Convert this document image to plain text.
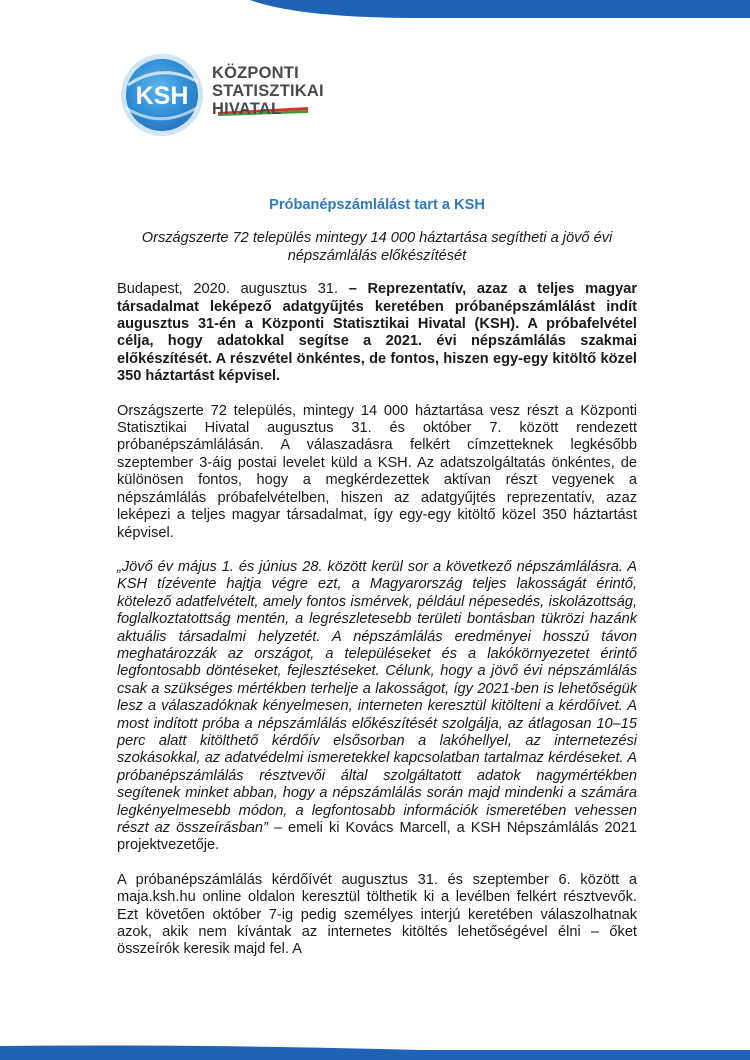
KSH
KÖZPONTI
STATISZTIKAI
HIVATAL
Próbanépszámlálást tart a KSH
Országszerte 72 település mintegy 14 000 háztartása segítheti a jövő évi népszámlálás előkészítését

Budapest, 2020. augusztus 31. – Reprezentatív, azaz a teljes magyar társadalmat leképező adatgyűjtés keretében próbanépszámlálást indít augusztus 31-én a Központi Statisztikai Hivatal (KSH). A próbafelvétel célja, hogy adatokkal segítse a 2021. évi népszámlálás szakmai előkészítését. A részvétel önkéntes, de fontos, hiszen egy-egy kitöltő közel 350 háztartást képvisel.

Országszerte 72 település, mintegy 14 000 háztartása vesz részt a Központi Statisztikai Hivatal augusztus 31. és október 7. között rendezett próbanépszámlálásán. A válaszadásra felkért címzetteknek legkésőbb szeptember 3-áig postai levelet küld a KSH. Az adatszolgáltatás önkéntes, de különösen fontos, hogy a megkérdezettek aktívan részt vegyenek a népszámlálás próbafelvételben, hiszen az adatgyűjtés reprezentatív, azaz leképezi a teljes magyar társadalmat, így egy-egy kitöltő közel 350 háztartást képvisel.

„Jövő év május 1. és június 28. között kerül sor a következő népszámlálásra. A KSH tízévente hajtja végre ezt, a Magyarország teljes lakosságát érintő, kötelező adatfelvételt, amely fontos ismérvek, például népesedés, iskolázottság, foglalkoztatottság mentén, a legrészletesebb területi bontásban tükrözi hazánk aktuális társadalmi helyzetét. A népszámlálás eredményei hosszú távon meghatározzák az országot, a településeket és a lakókörnyezetet érintő legfontosabb döntéseket, fejlesztéseket. Célunk, hogy a jövő évi népszámlálás csak a szükséges mértékben terhelje a lakosságot, így 2021-ben is lehetőségük lesz a válaszadóknak kényelmesen, interneten keresztül kitölteni a kérdőívet. A most indított próba a népszámlálás előkészítését szolgálja, az átlagosan 10–15 perc alatt kitölthető kérdőív elsősorban a lakóhellyel, az internetezési szokásokkal, az adatvédelmi ismeretekkel kapcsolatban tartalmaz kérdéseket. A próbanépszámlálás résztvevői által szolgáltatott adatok nagymértékben segítenek minket abban, hogy a népszámlálás során majd mindenki a számára legkényelmesebb módon, a legfontosabb információk ismeretében vehessen részt az összeírásban” – emeli ki Kovács Marcell, a KSH Népszámlálás 2021 projektvezetője.

A próbanépszámlálás kérdőívét augusztus 31. és szeptember 6. között a maja.ksh.hu online oldalon keresztül tölthetik ki a levélben felkért résztvevők. Ezt követően október 7-ig pedig személyes interjú keretében válaszolhatnak azok, akik nem kívántak az internetes kitöltés lehetőségével élni – őket összeírók keresik majd fel. A
